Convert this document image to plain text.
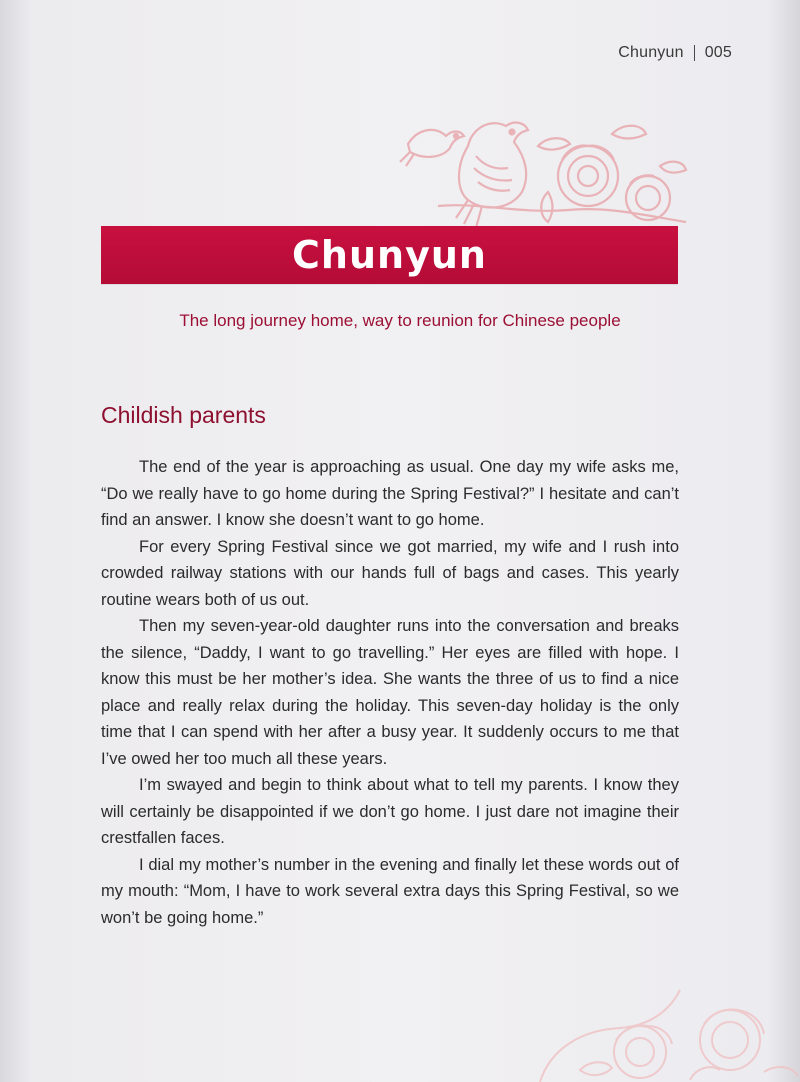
Chunyun 005
Chunyun
The long journey home, way to reunion for Chinese people
Childish parents

The end of the year is approaching as usual. One day my wife asks me, “Do we really have to go home during the Spring Festival?” I hesitate and can’t find an answer. I know she doesn’t want to go home.

For every Spring Festival since we got married, my wife and I rush into crowded railway stations with our hands full of bags and cases. This yearly routine wears both of us out.

Then my seven-year-old daughter runs into the conversation and breaks the silence, “Daddy, I want to go travelling.” Her eyes are filled with hope. I know this must be her mother’s idea. She wants the three of us to find a nice place and really relax during the holiday. This seven-day holiday is the only time that I can spend with her after a busy year. It suddenly occurs to me that I’ve owed her too much all these years.

I’m swayed and begin to think about what to tell my parents. I know they will certainly be disappointed if we don’t go home. I just dare not imagine their crestfallen faces.

I dial my mother’s number in the evening and finally let these words out of my mouth: “Mom, I have to work several extra days this Spring Festival, so we won’t be going home.”
